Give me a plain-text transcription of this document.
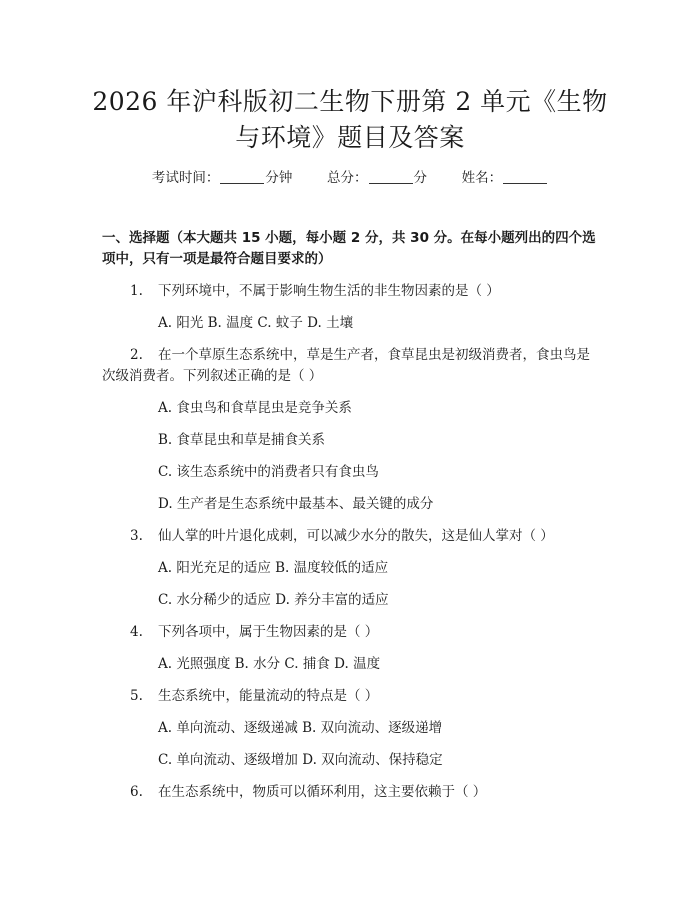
2026 年沪科版初二生物下册第 2 单元《生物
与环境》题目及答案
考试时间：	分钟	总分：	分	姓名：
一、选择题（本大题共 15 小题，每小题 2 分，共 30 分。在每小题列出的四个选
项中，只有一项是最符合题目要求的）
1. 下列环境中，不属于影响生物生活的非生物因素的是（ ）
A. 阳光 B. 温度 C. 蚊子 D. 土壤
2. 在一个草原生态系统中，草是生产者，食草昆虫是初级消费者，食虫鸟是
次级消费者。下列叙述正确的是（ ）
A. 食虫鸟和食草昆虫是竞争关系
B. 食草昆虫和草是捕食关系
C. 该生态系统中的消费者只有食虫鸟
D. 生产者是生态系统中最基本、最关键的成分
3. 仙人掌的叶片退化成刺，可以减少水分的散失，这是仙人掌对（ ）
A. 阳光充足的适应 B. 温度较低的适应
C. 水分稀少的适应 D. 养分丰富的适应
4. 下列各项中，属于生物因素的是（ ）
A. 光照强度 B. 水分 C. 捕食 D. 温度
5. 生态系统中，能量流动的特点是（ ）
A. 单向流动、逐级递减 B. 双向流动、逐级递增
C. 单向流动、逐级增加 D. 双向流动、保持稳定
6. 在生态系统中，物质可以循环利用，这主要依赖于（ ）
